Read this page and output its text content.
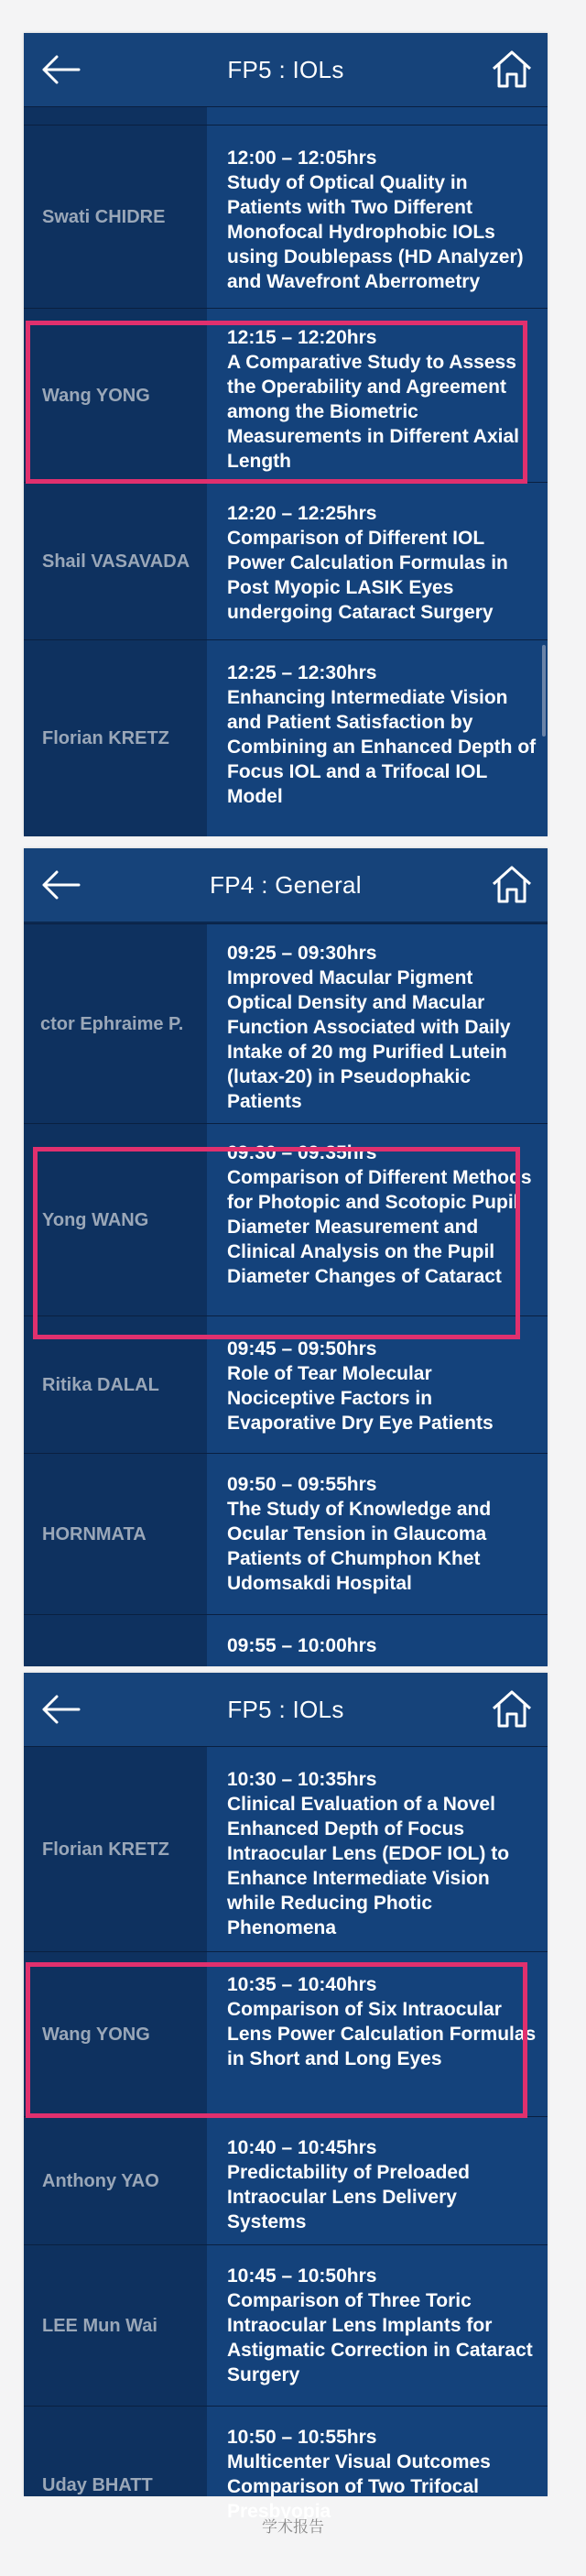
FP5 : IOLs
Swati CHIDRE
12:00 – 12:05hrs
Study of Optical Quality in Patients with Two Different Monofocal Hydrophobic IOLs using Doublepass (HD Analyzer) and Wavefront Aberrometry
Wang YONG
12:15 – 12:20hrs
A Comparative Study to Assess the Operability and Agreement among the Biometric Measurements in Different Axial Length
Shail VASAVADA
12:20 – 12:25hrs
Comparison of Different IOL Power Calculation Formulas in Post Myopic LASIK Eyes undergoing Cataract Surgery
Florian KRETZ
12:25 – 12:30hrs
Enhancing Intermediate Vision and Patient Satisfaction by Combining an Enhanced Depth of Focus IOL and a Trifocal IOL Model
FP4 : General
ctor Ephraime P.
09:25 – 09:30hrs
Improved Macular Pigment Optical Density and Macular Function Associated with Daily Intake of 20 mg Purified Lutein (lutax-20) in Pseudophakic Patients
Yong WANG
09:30 – 09:35hrs
Comparison of Different Methods for Photopic and Scotopic Pupil Diameter Measurement and Clinical Analysis on the Pupil Diameter Changes of Cataract
Ritika DALAL
09:45 – 09:50hrs
Role of Tear Molecular Nociceptive Factors in Evaporative Dry Eye Patients
HORNMATA
09:50 – 09:55hrs
The Study of Knowledge and Ocular Tension in Glaucoma Patients of Chumphon Khet Udomsakdi Hospital
09:55 – 10:00hrs
FP5 : IOLs
Florian KRETZ
10:30 – 10:35hrs
Clinical Evaluation of a Novel Enhanced Depth of Focus Intraocular Lens (EDOF IOL) to Enhance Intermediate Vision while Reducing Photic Phenomena
Wang YONG
10:35 – 10:40hrs
Comparison of Six Intraocular Lens Power Calculation Formulas in Short and Long Eyes
Anthony YAO
10:40 – 10:45hrs
Predictability of Preloaded Intraocular Lens Delivery Systems
LEE Mun Wai
10:45 – 10:50hrs
Comparison of Three Toric Intraocular Lens Implants for Astigmatic Correction in Cataract Surgery
Uday BHATT
10:50 – 10:55hrs
Multicenter Visual Outcomes Comparison of Two Trifocal Presbyopia
学术报告
